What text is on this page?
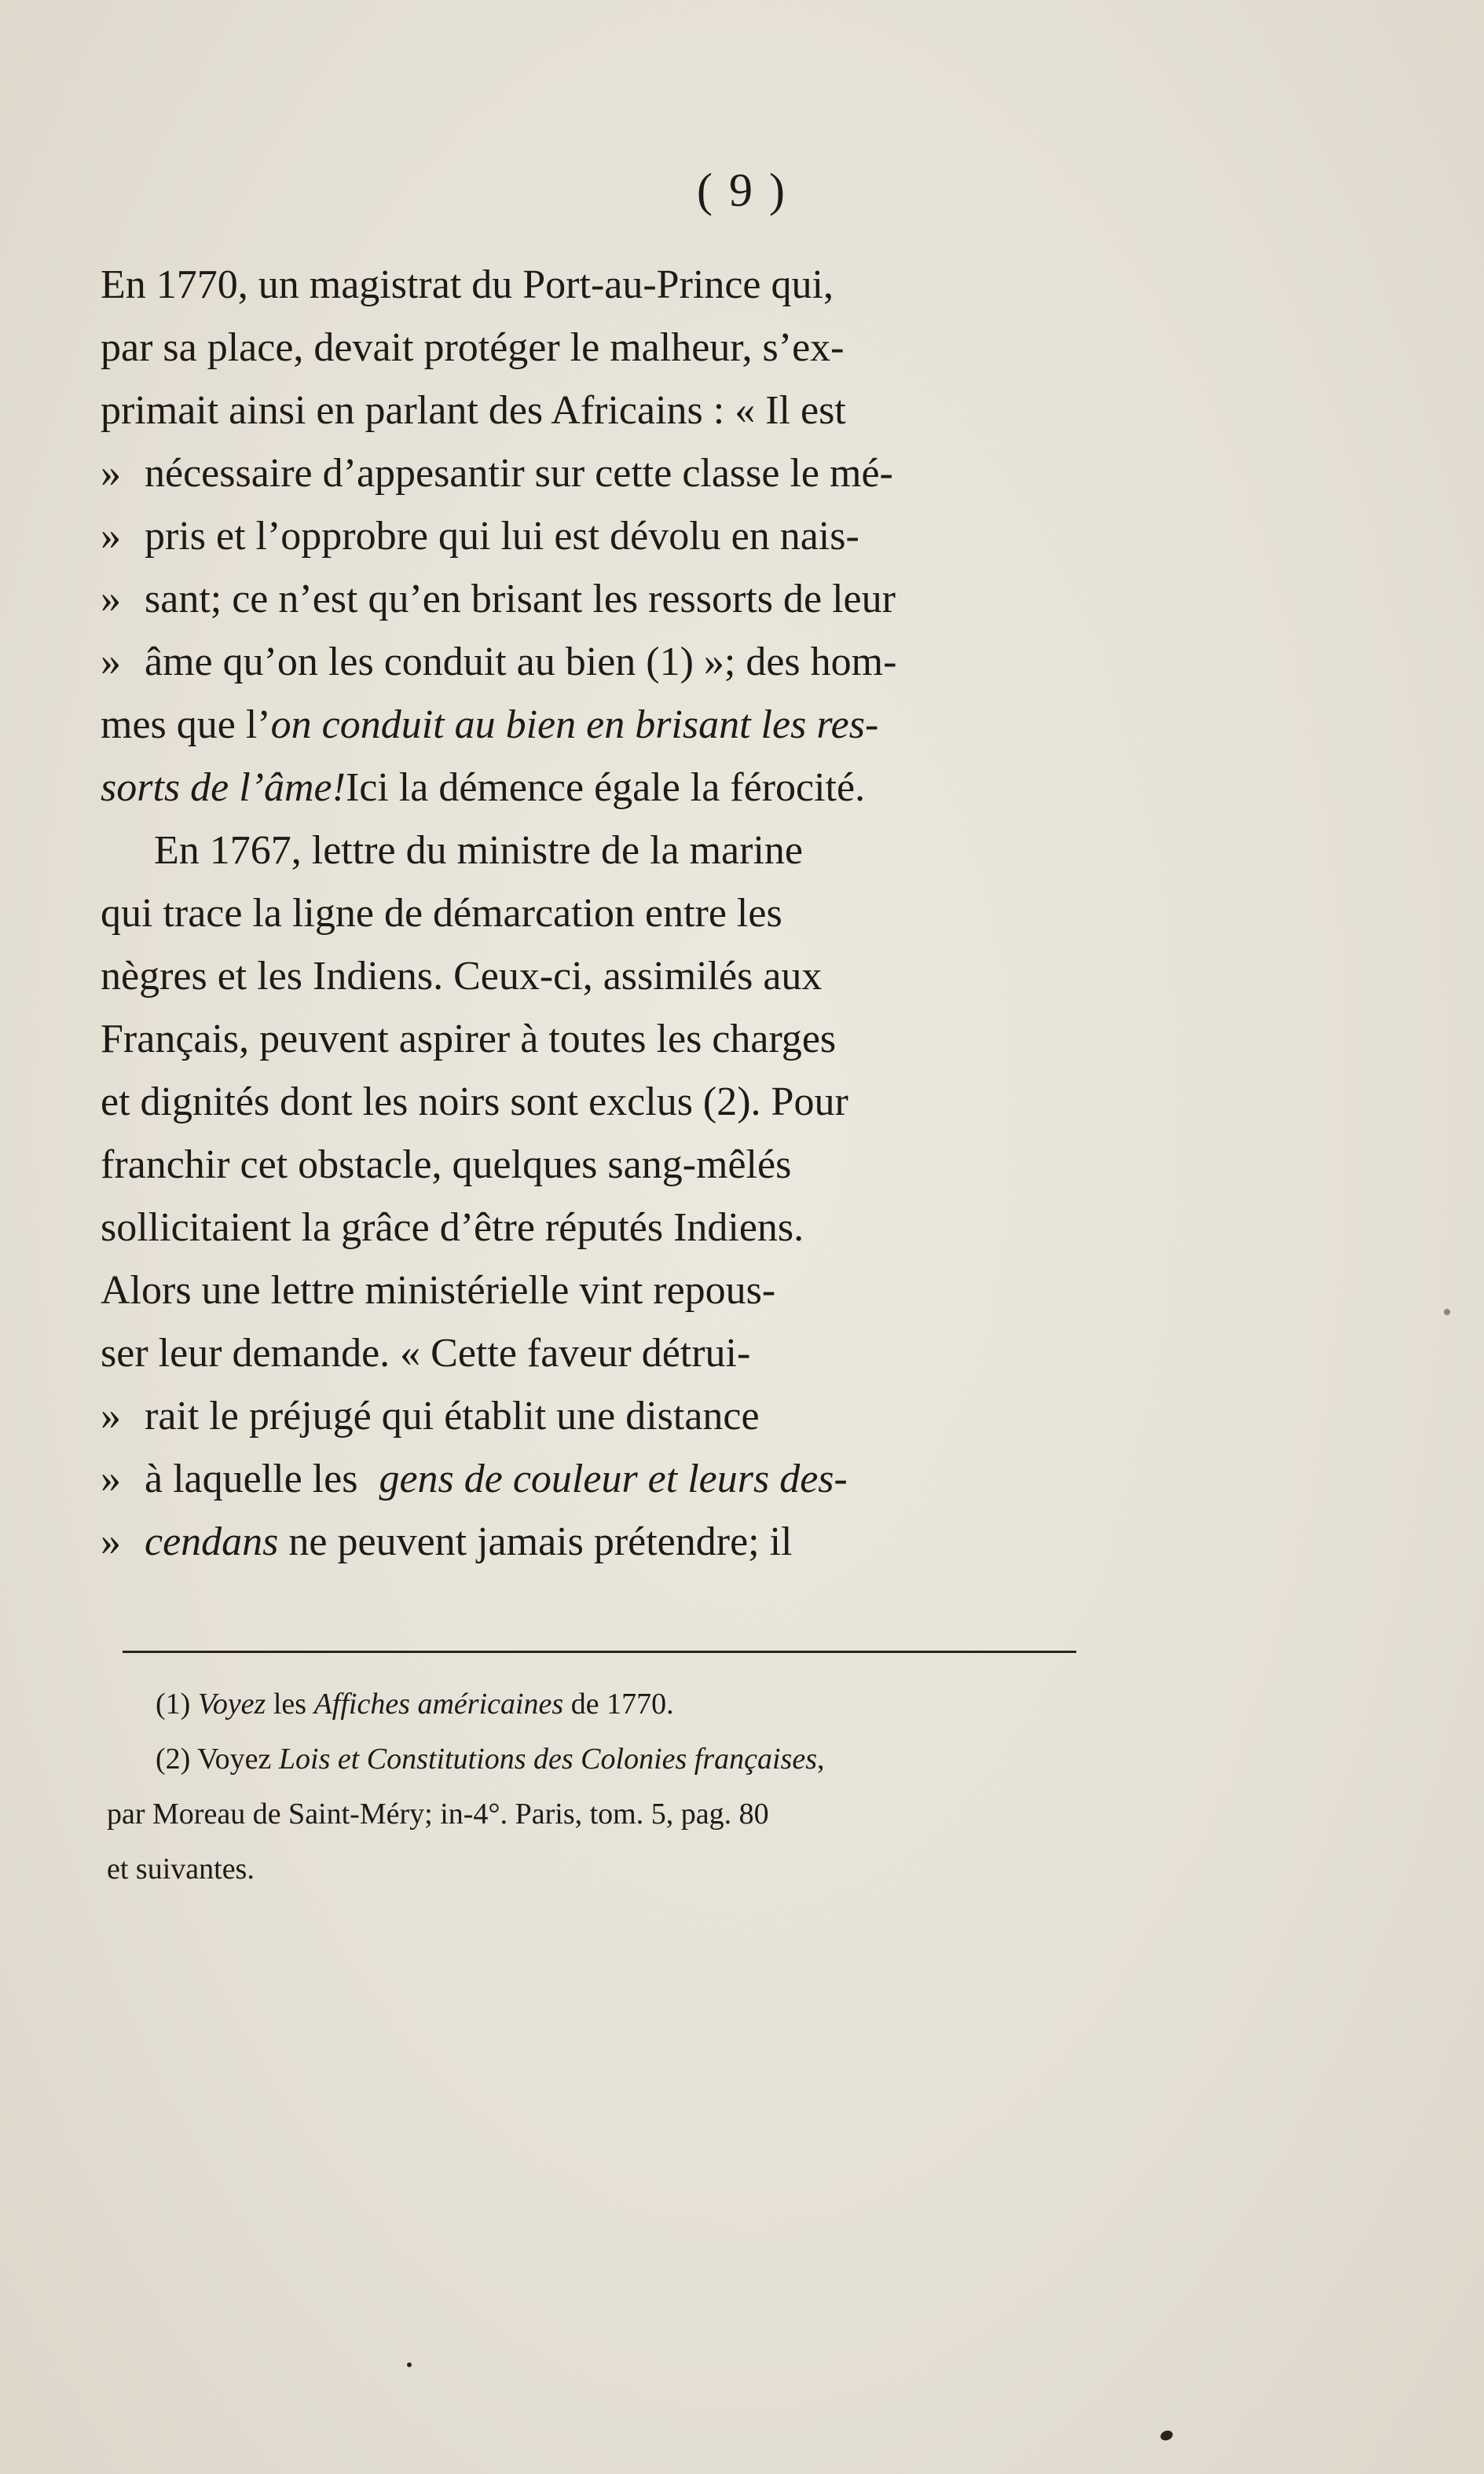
( 9 )
En 1770, un magistrat du Port-au-Prince qui,
par sa place, devait protéger le malheur, s’ex-
primait ainsi en parlant des Africains : « Il est
» nécessaire d’appesantir sur cette classe le mé-
» pris et l’opprobre qui lui est dévolu en nais-
» sant; ce n’est qu’en brisant les ressorts de leur
» âme qu’on les conduit au bien (1) »; des hom-
mes que l’ on conduit au bien en brisant les res-
sorts de l’âme! Ici la démence égale la férocité.
En 1767, lettre du ministre de la marine
qui trace la ligne de démarcation entre les
nègres et les Indiens. Ceux-ci, assimilés aux
Français, peuvent aspirer à toutes les charges
et dignités dont les noirs sont exclus (2). Pour
franchir cet obstacle, quelques sang-mêlés
sollicitaient la grâce d’être réputés Indiens.
Alors une lettre ministérielle vint repous-
ser leur demande. « Cette faveur détrui-
» rait le préjugé qui établit une distance
» à laquelle les gens de couleur et leurs des-
» cendans ne peuvent jamais prétendre; il
(1) Voyez les Affiches américaines de 1770.
(2) Voyez Lois et Constitutions des Colonies françaises ,
par Moreau de Saint-Méry; in-4°. Paris, tom. 5, pag. 80
et suivantes.
